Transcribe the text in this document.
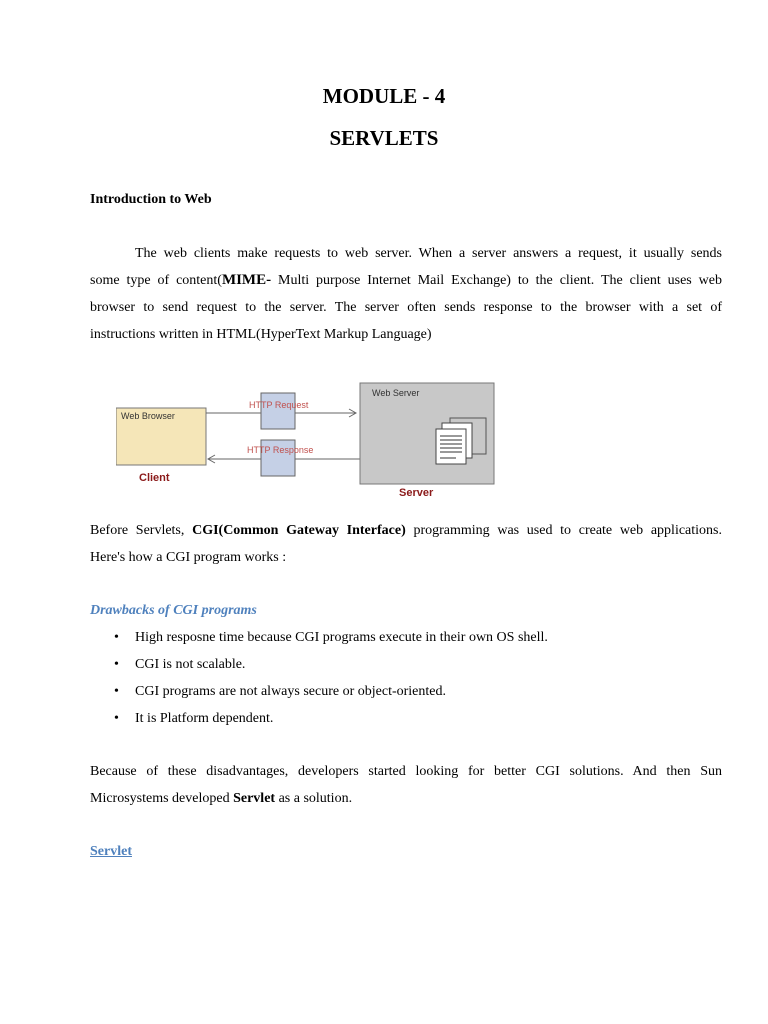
MODULE - 4
SERVLETS
Introduction to Web
The web clients make requests to web server. When a server answers a request, it usually sends
some type of content(MIME- Multi purpose Internet Mail Exchange) to the client. The client uses web
browser to send request to the server. The server often sends response to the browser with a set of
instructions written in HTML(HyperText Markup Language)
Web Browser
Client
HTTP Request
HTTP Response
Web Server
Server
Before Servlets, CGI(Common Gateway Interface) programming was used to create web applications.
Here's how a CGI program works :
Drawbacks of CGI programs
• High resposne time because CGI programs execute in their own OS shell.
• CGI is not scalable.
• CGI programs are not always secure or object-oriented.
• It is Platform dependent.
Because of these disadvantages, developers started looking for better CGI solutions. And then Sun
Microsystems developed Servlet as a solution.
Servlet
